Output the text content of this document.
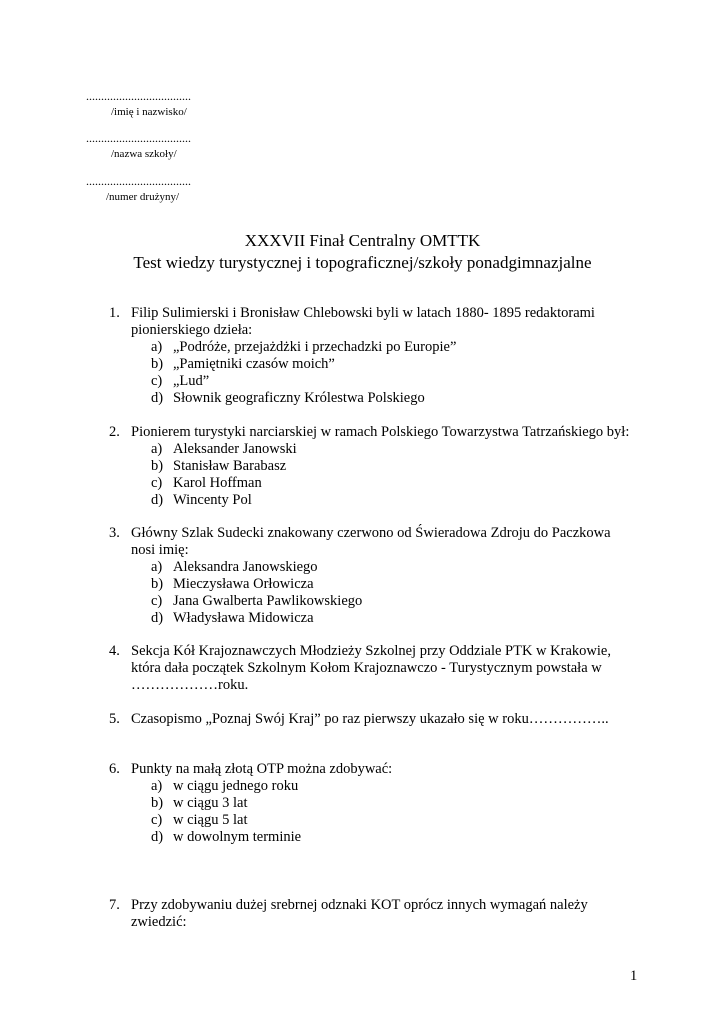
...................................
/imię i nazwisko/
...................................
/nazwa szkoły/
...................................
/numer drużyny/
XXXVII Finał Centralny OMTTK
Test wiedzy turystycznej i topograficznej/szkoły ponadgimnazjalne
1. Filip Sulimierski i Bronisław Chlebowski byli w latach 1880- 1895 redaktorami
pionierskiego dzieła:
a) „Podróże, przejażdżki i przechadzki po Europie”
b) „Pamiętniki czasów moich”
c) „Lud”
d) Słownik geograficzny Królestwa Polskiego
2. Pionierem turystyki narciarskiej w ramach Polskiego Towarzystwa Tatrzańskiego był:
a) Aleksander Janowski
b) Stanisław Barabasz
c) Karol Hoffman
d) Wincenty Pol
3. Główny Szlak Sudecki znakowany czerwono od Świeradowa Zdroju do Paczkowa
nosi imię:
a) Aleksandra Janowskiego
b) Mieczysława Orłowicza
c) Jana Gwalberta Pawlikowskiego
d) Władysława Midowicza
4. Sekcja Kół Krajoznawczych Młodzieży Szkolnej przy Oddziale PTK w Krakowie,
która dała początek Szkolnym Kołom Krajoznawczo - Turystycznym powstała w
………………roku.
5. Czasopismo „Poznaj Swój Kraj” po raz pierwszy ukazało się w roku……………..
6. Punkty na małą złotą OTP można zdobywać:
a) w ciągu jednego roku
b) w ciągu 3 lat
c) w ciągu 5 lat
d) w dowolnym terminie
7. Przy zdobywaniu dużej srebrnej odznaki KOT oprócz innych wymagań należy
zwiedzić:
1
